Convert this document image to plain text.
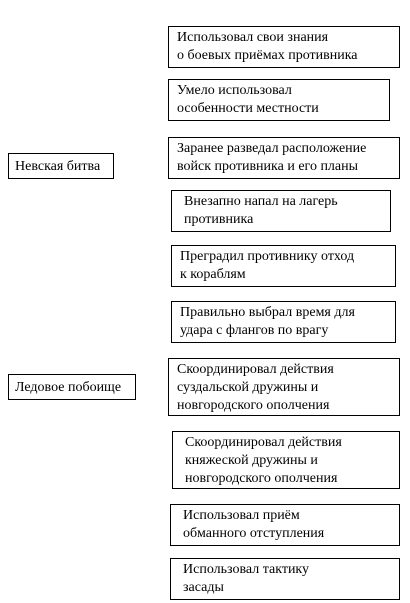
Невская битва
Ледовое побоище
Использовал свои знания
о боевых приёмах противника
Умело использовал
особенности местности
Заранее разведал расположение
войск противника и его планы
Внезапно напал на лагерь
противника
Преградил противнику отход
к кораблям
Правильно выбрал время для
удара с флангов по врагу
Скоординировал действия
суздальской дружины и
новгородского ополчения
Скоординировал действия
княжеской дружины и
новгородского ополчения
Использовал приём
обманного отступления
Использовал тактику
засады
